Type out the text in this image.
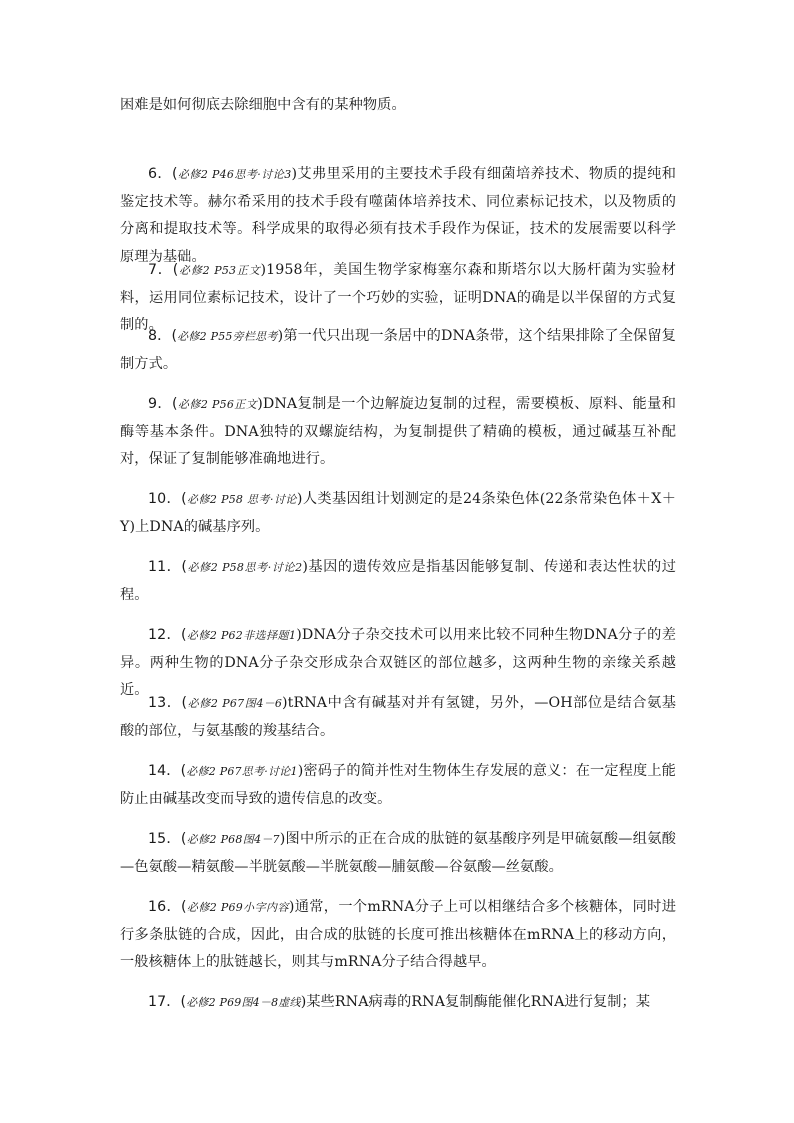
困难是如何彻底去除细胞中含有的某种物质。
6．(必修2 P46思考·讨论3)艾弗里采用的主要技术手段有细菌培养技术、物质的提纯和鉴定技术等。赫尔希采用的技术手段有噬菌体培养技术、同位素标记技术，以及物质的分离和提取技术等。科学成果的取得必须有技术手段作为保证，技术的发展需要以科学原理为基础。
7．(必修2 P53正文)1958年，美国生物学家梅塞尔森和斯塔尔以大肠杆菌为实验材料，运用同位素标记技术，设计了一个巧妙的实验，证明DNA的确是以半保留的方式复制的。
8．(必修2 P55旁栏思考)第一代只出现一条居中的DNA条带，这个结果排除了全保留复制方式。
9．(必修2 P56正文)DNA复制是一个边解旋边复制的过程，需要模板、原料、能量和酶等基本条件。DNA独特的双螺旋结构，为复制提供了精确的模板，通过碱基互补配对，保证了复制能够准确地进行。
10．(必修2 P58 思考·讨论)人类基因组计划测定的是24条染色体(22条常染色体＋X＋Y)上DNA的碱基序列。
11．(必修2 P58思考·讨论2)基因的遗传效应是指基因能够复制、传递和表达性状的过程。
12．(必修2 P62非选择题1)DNA分子杂交技术可以用来比较不同种生物DNA分子的差异。两种生物的DNA分子杂交形成杂合双链区的部位越多，这两种生物的亲缘关系越近。
13．(必修2 P67图4－6)tRNA中含有碱基对并有氢键，另外，—OH部位是结合氨基酸的部位，与氨基酸的羧基结合。
14．(必修2 P67思考·讨论1)密码子的简并性对生物体生存发展的意义：在一定程度上能防止由碱基改变而导致的遗传信息的改变。
15．(必修2 P68图4－7)图中所示的正在合成的肽链的氨基酸序列是甲硫氨酸—组氨酸—色氨酸—精氨酸—半胱氨酸—半胱氨酸—脯氨酸—谷氨酸—丝氨酸。
16．(必修2 P69小字内容)通常，一个mRNA分子上可以相继结合多个核糖体，同时进行多条肽链的合成，因此，由合成的肽链的长度可推出核糖体在mRNA上的移动方向，一般核糖体上的肽链越长，则其与mRNA分子结合得越早。
17．(必修2 P69图4－8虚线)某些RNA病毒的RNA复制酶能催化RNA进行复制；某
